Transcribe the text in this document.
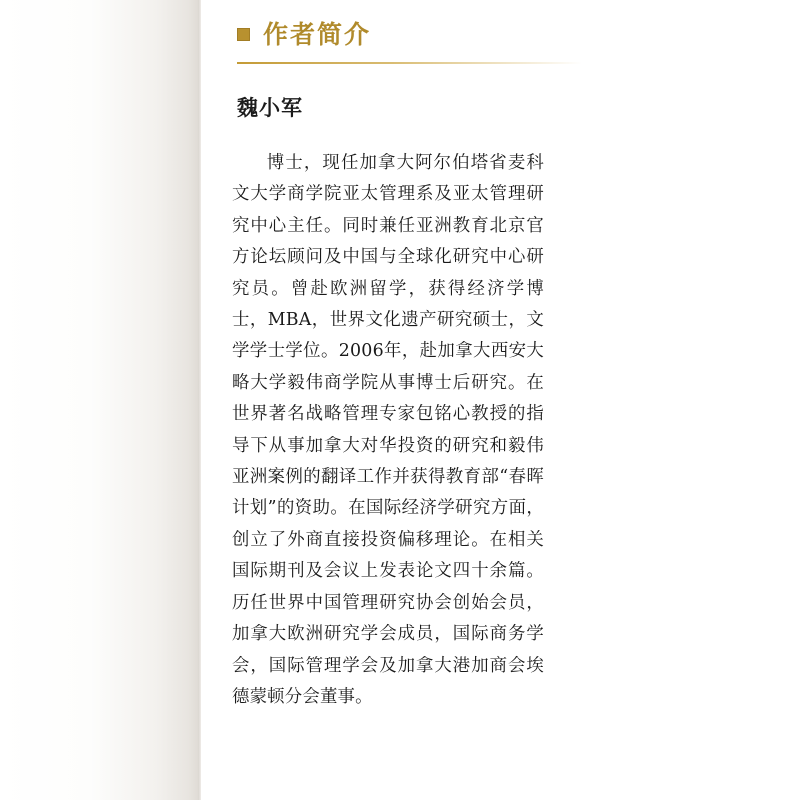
作者简介
魏小军
博士，现任加拿大阿尔伯塔省麦科文大学商学院亚太管理系及亚太管理研究中心主任。同时兼任亚洲教育北京官方论坛顾问及中国与全球化研究中心研究员。曾赴欧洲留学，获得经济学博士，MBA，世界文化遗产研究硕士，文学学士学位。2006年，赴加拿大西安大略大学毅伟商学院从事博士后研究。在世界著名战略管理专家包铭心教授的指导下从事加拿大对华投资的研究和毅伟亚洲案例的翻译工作并获得教育部“春晖计划”的资助。在国际经济学研究方面，创立了外商直接投资偏移理论。在相关国际期刊及会议上发表论文四十余篇。历任世界中国管理研究协会创始会员，加拿大欧洲研究学会成员，国际商务学会，国际管理学会及加拿大港加商会埃德蒙顿分会董事。
